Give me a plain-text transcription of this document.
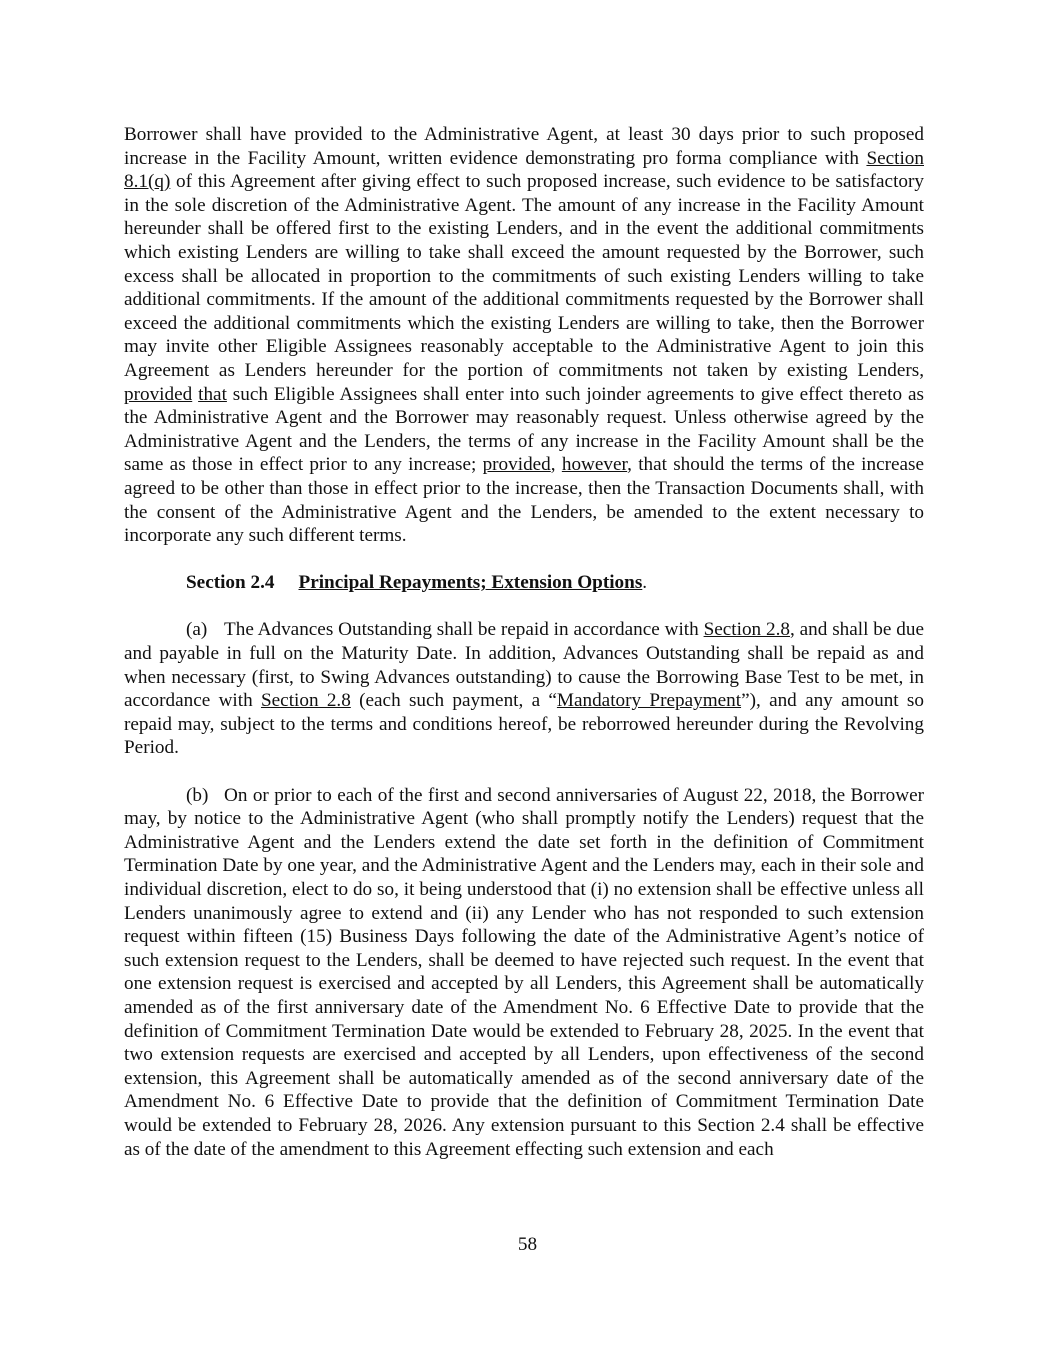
Borrower shall have provided to the Administrative Agent, at least 30 days prior to such proposed increase in the Facility Amount, written evidence demonstrating pro forma compliance with Section 8.1(q) of this Agreement after giving effect to such proposed increase, such evidence to be satisfactory in the sole discretion of the Administrative Agent. The amount of any increase in the Facility Amount hereunder shall be offered first to the existing Lenders, and in the event the additional commitments which existing Lenders are willing to take shall exceed the amount requested by the Borrower, such excess shall be allocated in proportion to the commitments of such existing Lenders willing to take additional commitments. If the amount of the additional commitments requested by the Borrower shall exceed the additional commitments which the existing Lenders are willing to take, then the Borrower may invite other Eligible Assignees reasonably acceptable to the Administrative Agent to join this Agreement as Lenders hereunder for the portion of commitments not taken by existing Lenders, provided that such Eligible Assignees shall enter into such joinder agreements to give effect thereto as the Administrative Agent and the Borrower may reasonably request. Unless otherwise agreed by the Administrative Agent and the Lenders, the terms of any increase in the Facility Amount shall be the same as those in effect prior to any increase; provided, however, that should the terms of the increase agreed to be other than those in effect prior to the increase, then the Transaction Documents shall, with the consent of the Administrative Agent and the Lenders, be amended to the extent necessary to incorporate any such different terms.

Section 2.4 Principal Repayments; Extension Options.

(a) The Advances Outstanding shall be repaid in accordance with Section 2.8, and shall be due and payable in full on the Maturity Date. In addition, Advances Outstanding shall be repaid as and when necessary (first, to Swing Advances outstanding) to cause the Borrowing Base Test to be met, in accordance with Section 2.8 (each such payment, a “Mandatory Prepayment”), and any amount so repaid may, subject to the terms and conditions hereof, be reborrowed hereunder during the Revolving Period.

(b) On or prior to each of the first and second anniversaries of August 22, 2018, the Borrower may, by notice to the Administrative Agent (who shall promptly notify the Lenders) request that the Administrative Agent and the Lenders extend the date set forth in the definition of Commitment Termination Date by one year, and the Administrative Agent and the Lenders may, each in their sole and individual discretion, elect to do so, it being understood that (i) no extension shall be effective unless all Lenders unanimously agree to extend and (ii) any Lender who has not responded to such extension request within fifteen (15) Business Days following the date of the Administrative Agent’s notice of such extension request to the Lenders, shall be deemed to have rejected such request. In the event that one extension request is exercised and accepted by all Lenders, this Agreement shall be automatically amended as of the first anniversary date of the Amendment No. 6 Effective Date to provide that the definition of Commitment Termination Date would be extended to February 28, 2025. In the event that two extension requests are exercised and accepted by all Lenders, upon effectiveness of the second extension, this Agreement shall be automatically amended as of the second anniversary date of the Amendment No. 6 Effective Date to provide that the definition of Commitment Termination Date would be extended to February 28, 2026. Any extension pursuant to this Section 2.4 shall be effective as of the date of the amendment to this Agreement effecting such extension and each

58
